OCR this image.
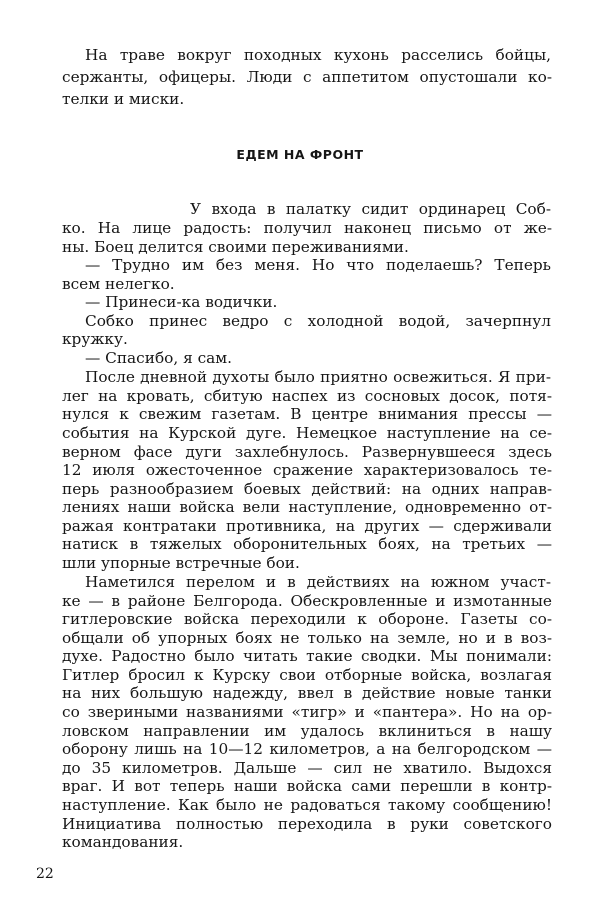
На траве вокруг походных кухонь расселись бойцы,
сержанты, офицеры. Люди с аппетитом опустошали ко-
телки и миски.
ЕДЕМ НА ФРОНТ
У входа в палатку сидит ординарец Соб-
ко. На лице радость: получил наконец письмо от же-
ны. Боец делится своими переживаниями.
— Трудно им без меня. Но что поделаешь? Теперь
всем нелегко.
— Принеси-ка водички.
Собко принес ведро с холодной водой, зачерпнул
кружку.
— Спасибо, я сам.
После дневной духоты было приятно освежиться. Я при-
лег на кровать, сбитую наспех из сосновых досок, потя-
нулся к свежим газетам. В центре внимания прессы —
события на Курской дуге. Немецкое наступление на се-
верном фасе дуги захлебнулось. Развернувшееся здесь
12 июля ожесточенное сражение характеризовалось те-
перь разнообразием боевых действий: на одних направ-
лениях наши войска вели наступление, одновременно от-
ражая контратаки противника, на других — сдерживали
натиск в тяжелых оборонительных боях, на третьих —
шли упорные встречные бои.
Наметился перелом и в действиях на южном участ-
ке — в районе Белгорода. Обескровленные и измотанные
гитлеровские войска переходили к обороне. Газеты со-
общали об упорных боях не только на земле, но и в воз-
духе. Радостно было читать такие сводки. Мы понимали:
Гитлер бросил к Курску свои отборные войска, возлагая
на них большую надежду, ввел в действие новые танки
со звериными названиями «тигр» и «пантера». Но на ор-
ловском направлении им удалось вклиниться в нашу
оборону лишь на 10—12 километров, а на белгородском —
до 35 километров. Дальше — сил не хватило. Выдохся
враг. И вот теперь наши войска сами перешли в контр-
наступление. Как было не радоваться такому сообщению!
Инициатива полностью переходила в руки советского
командования.
22
